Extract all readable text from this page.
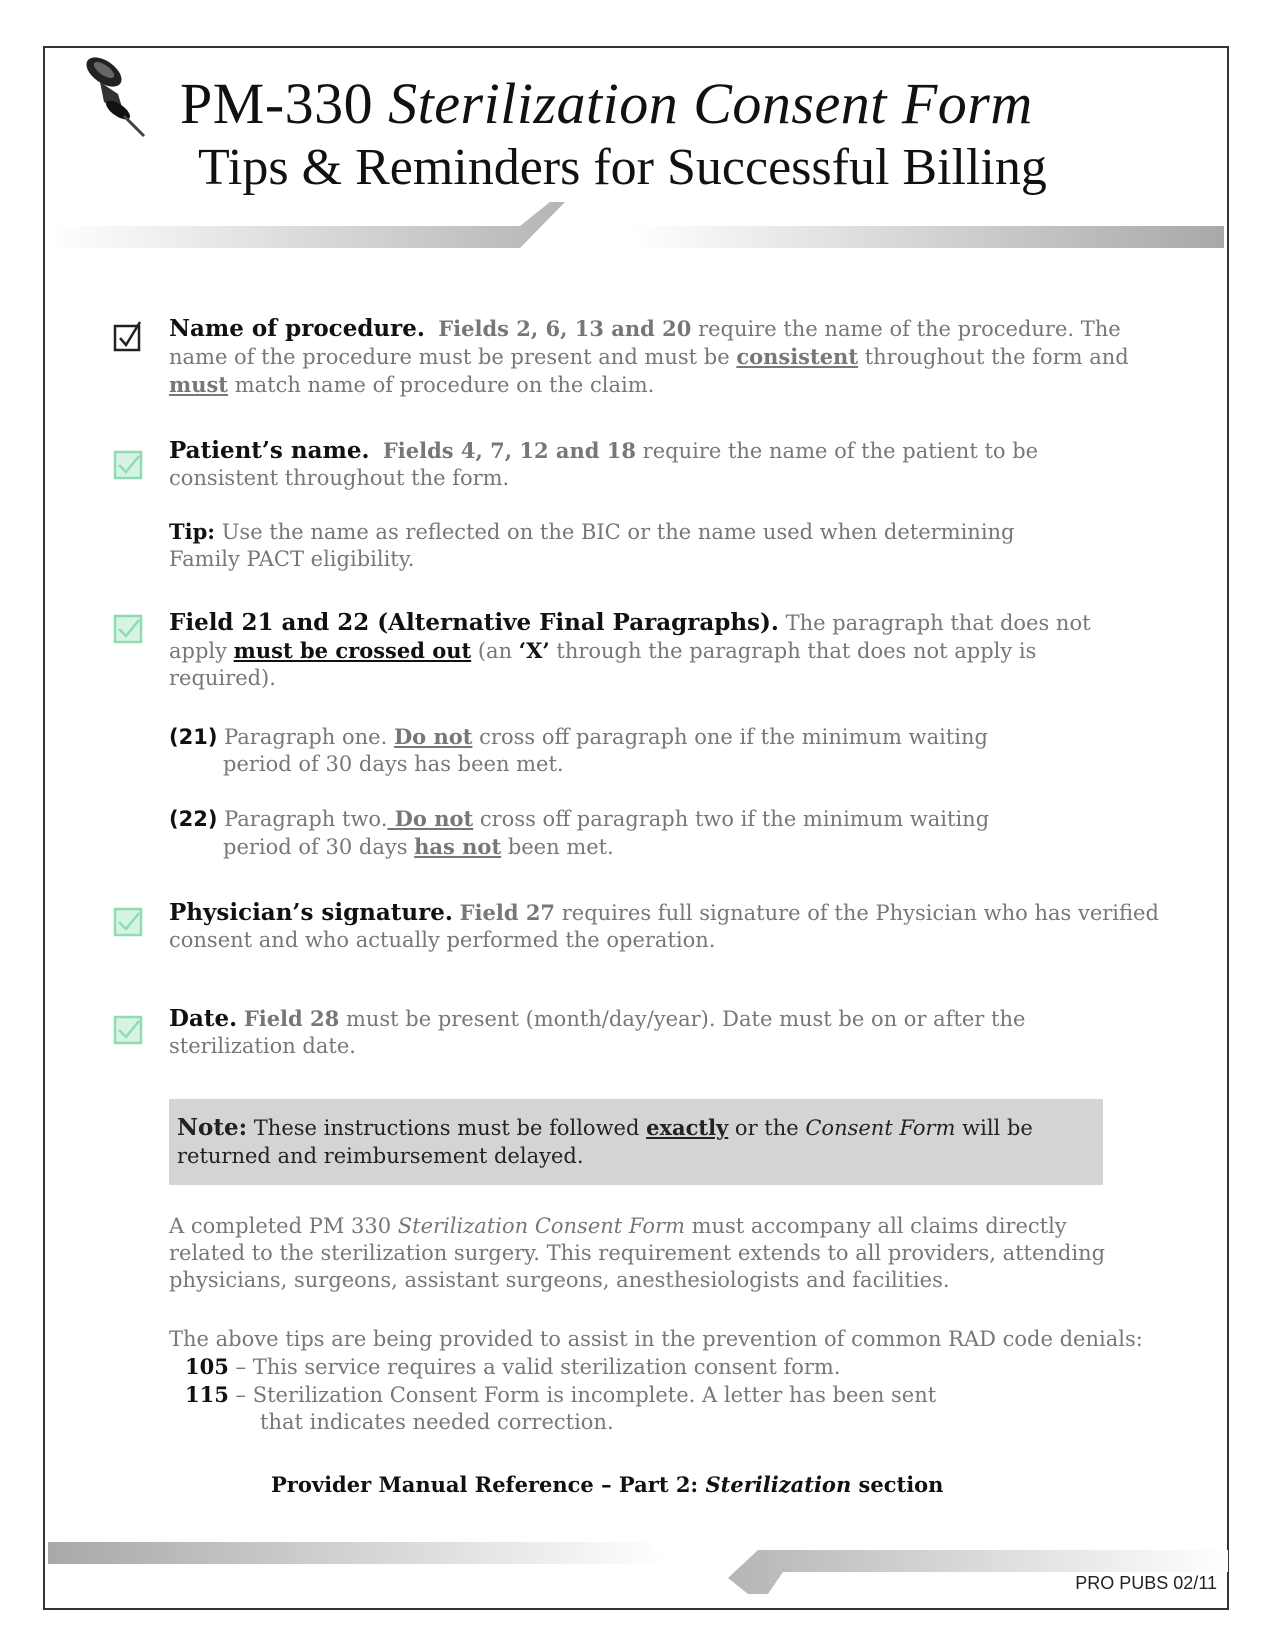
PM-330 Sterilization Consent Form
Tips & Reminders for Successful Billing
Name of procedure. Fields 2, 6, 13 and 20 require the name of the procedure. The name of the procedure must be present and must be consistent throughout the form and must match name of procedure on the claim.
Patient’s name. Fields 4, 7, 12 and 18 require the name of the patient to be consistent throughout the form.
Tip: Use the name as reflected on the BIC or the name used when determining Family PACT eligibility.
Field 21 and 22 (Alternative Final Paragraphs). The paragraph that does not apply must be crossed out (an ‘X’ through the paragraph that does not apply is required).
(21) Paragraph one. Do not cross off paragraph one if the minimum waiting
period of 30 days has been met.
(22) Paragraph two. Do not cross off paragraph two if the minimum waiting
period of 30 days has not been met.
Physician’s signature. Field 27 requires full signature of the Physician who has verified consent and who actually performed the operation.
Date. Field 28 must be present (month/day/year). Date must be on or after the sterilization date.
Note: These instructions must be followed exactly or the Consent Form will be returned and reimbursement delayed.
A completed PM 330 Sterilization Consent Form must accompany all claims directly related to the sterilization surgery. This requirement extends to all providers, attending physicians, surgeons, assistant surgeons, anesthesiologists and facilities.
The above tips are being provided to assist in the prevention of common RAD code denials:
105 – This service requires a valid sterilization consent form.
115 – Sterilization Consent Form is incomplete. A letter has been sent
that indicates needed correction.
Provider Manual Reference – Part 2: Sterilization section
PRO PUBS 02/11
